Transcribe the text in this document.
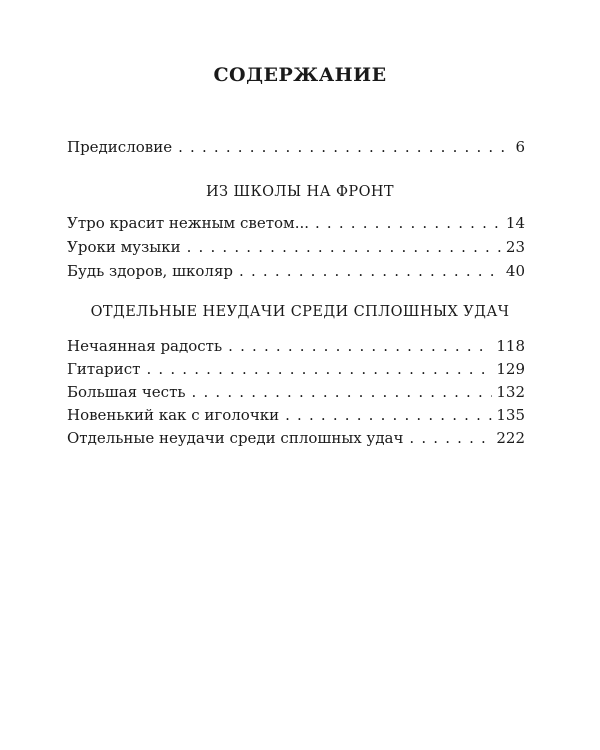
СОДЕРЖАНИЕ
Предисловие . . .	6
Утро красит нежным светом... . . .	14
Уроки музыки . . .	23
Будь здоров, школяр . . .	40
Нечаянная радость . . .	118
Гитарист . . .	129
Большая честь . . .	132
Новенький как с иголочки . . .	135
Отдельные неудачи среди сплошных удач . . .	222
ИЗ ШКОЛЫ НА ФРОНТ
ОТДЕЛЬНЫЕ НЕУДАЧИ СРЕДИ СПЛОШНЫХ УДАЧ
